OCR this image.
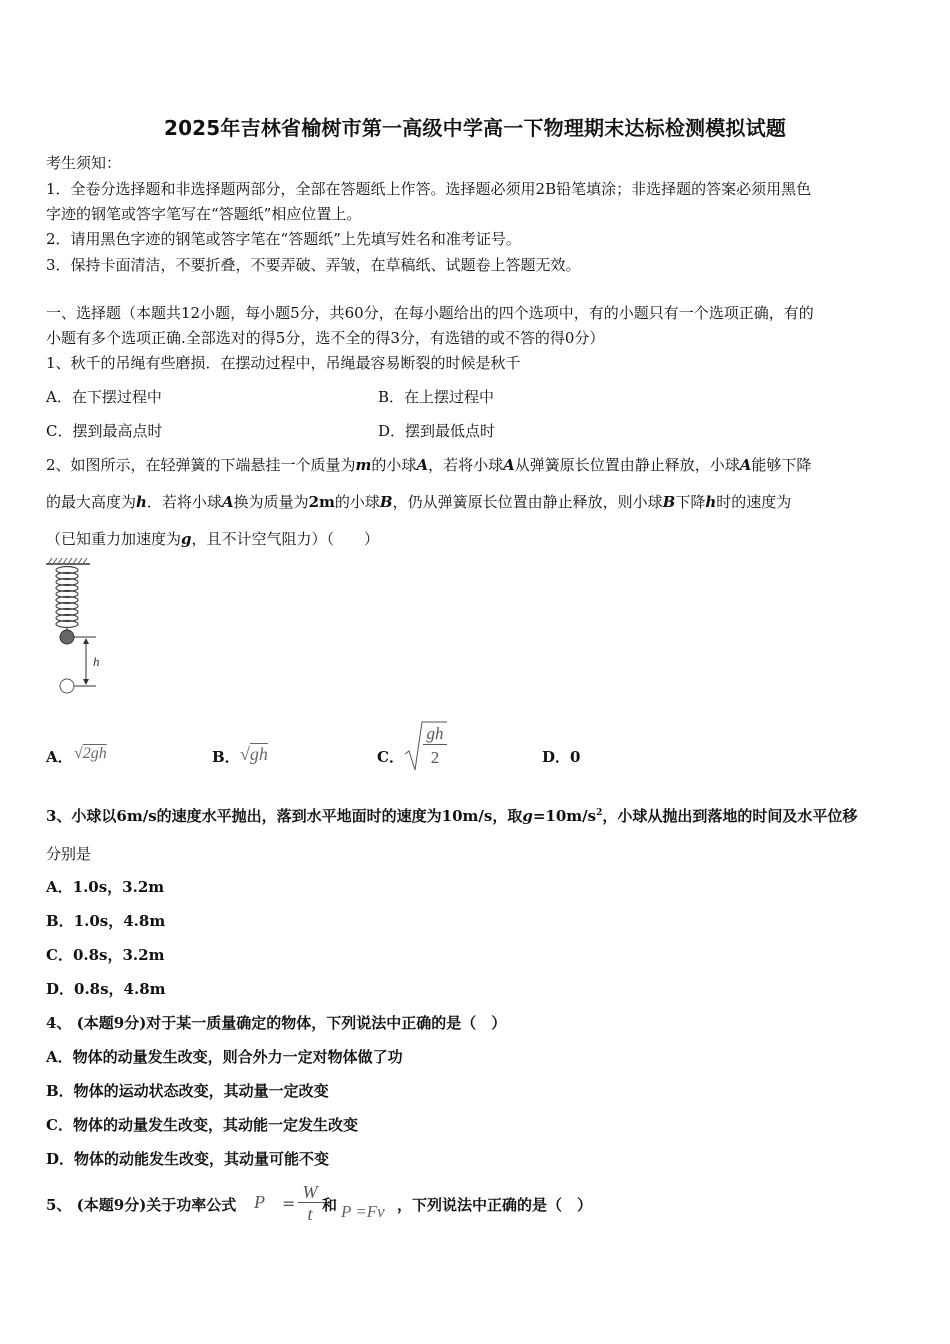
2025年吉林省榆树市第一高级中学高一下物理期末达标检测模拟试题
考生须知：
1．全卷分选择题和非选择题两部分，全部在答题纸上作答。选择题必须用2B铅笔填涂；非选择题的答案必须用黑色
字迹的钢笔或答字笔写在“答题纸”相应位置上。
2．请用黑色字迹的钢笔或答字笔在“答题纸”上先填写姓名和准考证号。
3．保持卡面清洁，不要折叠，不要弄破、弄皱，在草稿纸、试题卷上答题无效。
一、选择题（本题共12小题，每小题5分，共60分，在每小题给出的四个选项中，有的小题只有一个选项正确，有的
小题有多个选项正确.全部选对的得5分，选不全的得3分，有选错的或不答的得0分）
1、秋千的吊绳有些磨损．在摆动过程中，吊绳最容易断裂的时候是秋千
A．在下摆过程中	B．在上摆过程中
C．摆到最高点时	D．摆到最低点时
2、如图所示，在轻弹簧的下端悬挂一个质量为m的小球A，若将小球A从弹簧原长位置由静止释放，小球A能够下降
的最大高度为h．若将小球A换为质量为2m的小球B，仍从弹簧原长位置由静止释放，则小球B下降h时的速度为
（已知重力加速度为g，且不计空气阻力）（　　）
h
A． √2gh	B． √gh	C． $\frac{gh}{2}$	D．0
3、小球以6m/s的速度水平抛出，落到水平地面时的速度为10m/s，取$g=10m/s^2$，小球从抛出到落地的时间及水平位移
分别是
A．1.0s，3.2m
B．1.0s，4.8m
C．0.8s，3.2m
D．0.8s，4.8m
4、 (本题9分)对于某一质量确定的物体，下列说法中正确的是（　）
A．物体的动量发生改变，则合外力一定对物体做了功
B．物体的运动状态改变，其动量一定改变
C．物体的动量发生改变，其动能一定发生改变
D．物体的动能发生改变，其动量可能不变
5、 (本题9分)关于功率公式 P =
W
t 和 P =Fv ，下列说法中正确的是（　）
